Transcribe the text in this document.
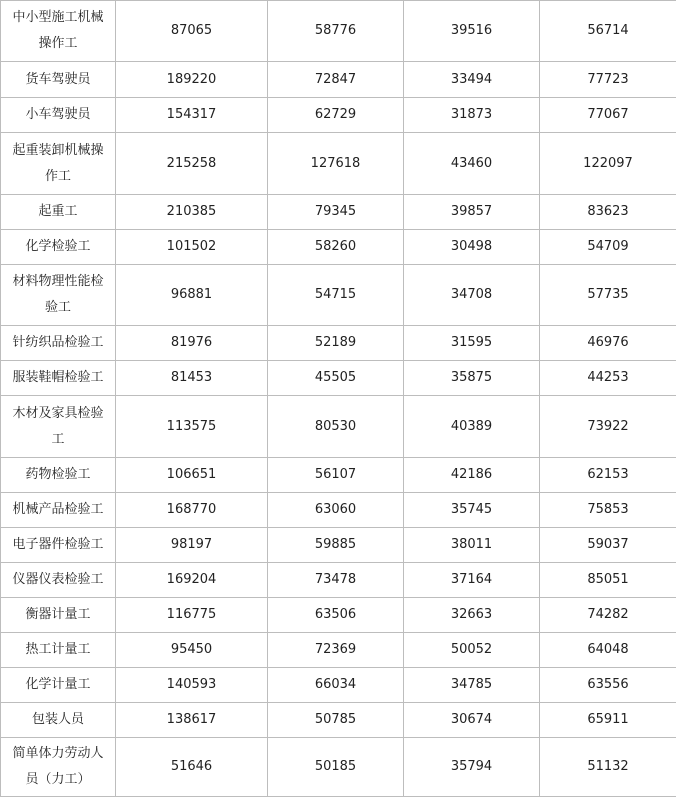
中小型施工机械操作工	87065	58776	39516	56714
货车驾驶员	189220	72847	33494	77723
小车驾驶员	154317	62729	31873	77067
起重装卸机械操作工	215258	127618	43460	122097
起重工	210385	79345	39857	83623
化学检验工	101502	58260	30498	54709
材料物理性能检验工	96881	54715	34708	57735
针纺织品检验工	81976	52189	31595	46976
服装鞋帽检验工	81453	45505	35875	44253
木材及家具检验工	113575	80530	40389	73922
药物检验工	106651	56107	42186	62153
机械产品检验工	168770	63060	35745	75853
电子器件检验工	98197	59885	38011	59037
仪器仪表检验工	169204	73478	37164	85051
衡器计量工	116775	63506	32663	74282
热工计量工	95450	72369	50052	64048
化学计量工	140593	66034	34785	63556
包装人员	138617	50785	30674	65911
简单体力劳动人员（力工）	51646	50185	35794	51132
